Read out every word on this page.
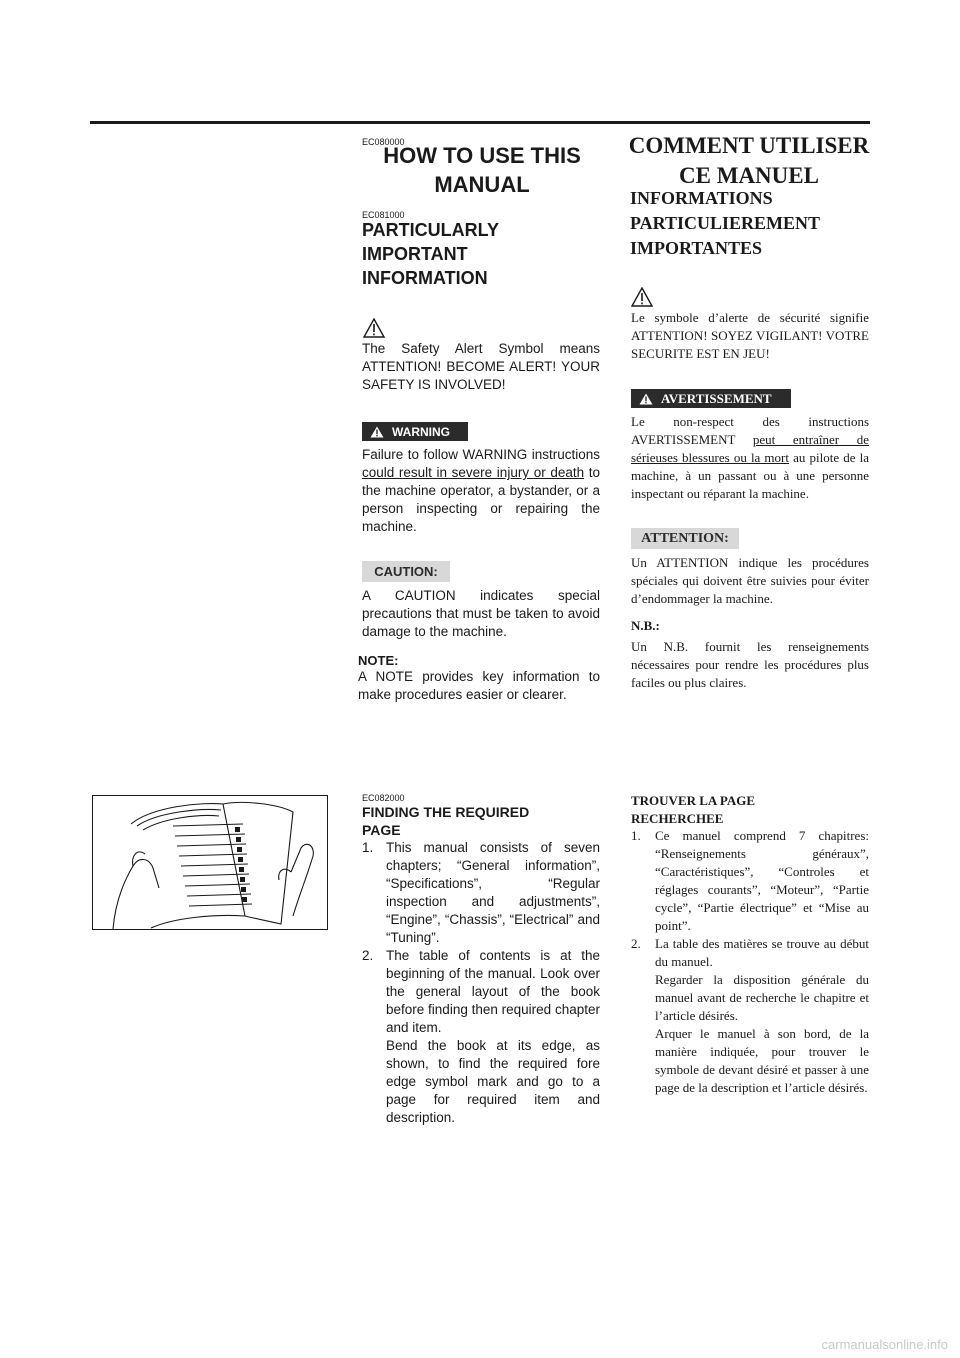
EC080000
HOW TO USE THIS
MANUAL
EC081000
PARTICULARLY
IMPORTANT
INFORMATION
The Safety Alert Symbol means ATTENTION! BECOME ALERT! YOUR SAFETY IS INVOLVED!
WARNING
Failure to follow WARNING instructions could result in severe injury or death to the machine operator, a bystander, or a person inspecting or repairing the machine.
CAUTION:
A CAUTION indicates special precautions that must be taken to avoid damage to the machine.
NOTE:
A NOTE provides key information to make procedures easier or clearer.
EC082000
FINDING THE REQUIRED
PAGE
1. This manual consists of seven chapters; “General information”, “Specifications”, “Regular inspection and adjustments”, “Engine”, “Chassis”, “Electrical” and “Tuning”.
2. The table of contents is at the beginning of the manual. Look over the general layout of the book before finding then required chapter and item.
Bend the book at its edge, as shown, to find the required fore edge symbol mark and go to a page for required item and description.
COMMENT UTILISER
CE MANUEL
INFORMATIONS
PARTICULIEREMENT
IMPORTANTES
Le symbole d’alerte de sécurité signifie ATTENTION! SOYEZ VIGILANT! VOTRE SECURITE EST EN JEU!
AVERTISSEMENT
Le non-respect des instructions AVERTISSEMENT peut entraîner de sérieuses blessures ou la mort au pilote de la machine, à un passant ou à une personne inspectant ou réparant la machine.
ATTENTION:
Un ATTENTION indique les procédures spéciales qui doivent être suivies pour éviter d’endommager la machine.
N.B.:
Un N.B. fournit les renseignements nécessaires pour rendre les procédures plus faciles ou plus claires.
TROUVER LA PAGE
RECHERCHEE
1.	Ce manuel comprend 7 chapitres: “Renseignements généraux”, “Caractéristiques”, “Controles et réglages courants”, “Moteur”, “Partie cycle”, “Partie électrique” et “Mise au point”.
2.	La table des matières se trouve au début du manuel.
Regarder la disposition générale du manuel avant de recherche le chapitre et l’article désirés.
Arquer le manuel à son bord, de la manière indiquée, pour trouver le symbole de devant désiré et passer à une page de la description et l’article désirés.
carmanualsonline.info
